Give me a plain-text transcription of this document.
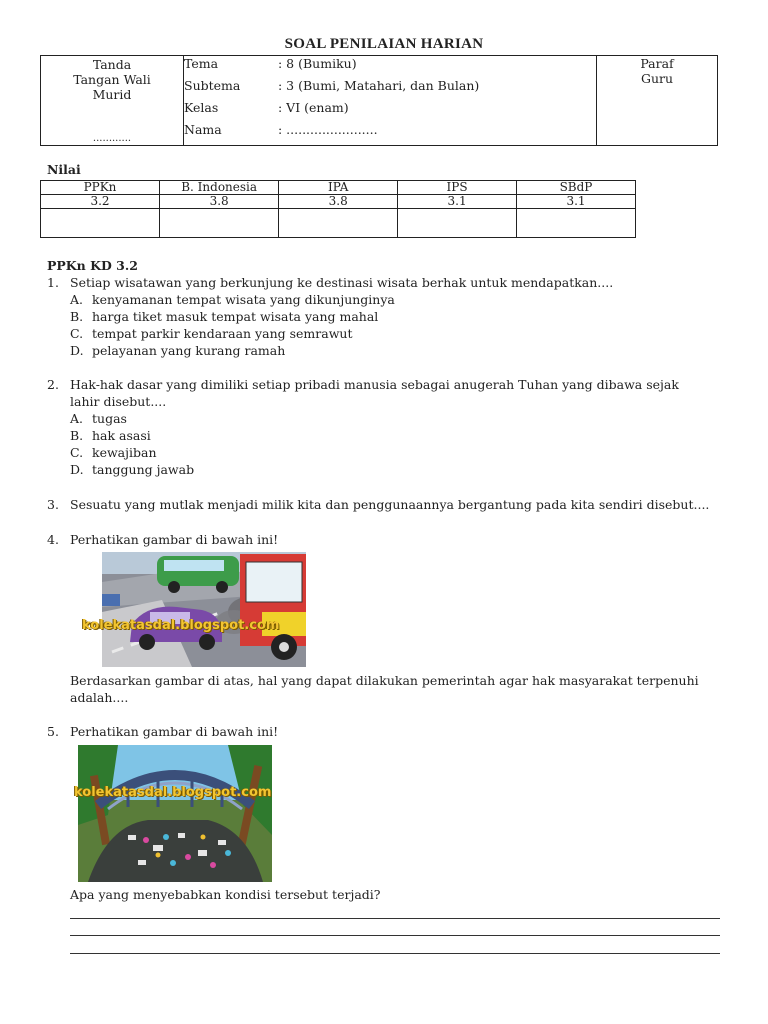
SOAL PENILAIAN HARIAN
Tanda
Tangan Wali
Murid
............

Tema	: 8 (Bumiku)
Subtema	: 3 (Bumi, Matahari, dan Bulan)
Kelas	: VI (enam)
Nama	: .......................

Paraf
Guru
Nilai
PPKn	B. Indonesia	IPA	IPS	SBdP
3.2	3.8	3.8	3.1	3.1

PPKn KD 3.2
1. Setiap wisatawan yang berkunjung ke destinasi wisata berhak untuk mendapatkan....
A. kenyamanan tempat wisata yang dikunjunginya
B. harga tiket masuk tempat wisata yang mahal
C. tempat parkir kendaraan yang semrawut
D. pelayanan yang kurang ramah
2. Hak-hak dasar yang dimiliki setiap pribadi manusia sebagai anugerah Tuhan yang dibawa sejak
lahir disebut....
A. tugas
B. hak asasi
C. kewajiban
D. tanggung jawab
3. Sesuatu yang mutlak menjadi milik kita dan penggunaannya bergantung pada kita sendiri disebut....
4. Perhatikan gambar di bawah ini!
kolekatasdal.blogspot.com
Berdasarkan gambar di atas, hal yang dapat dilakukan pemerintah agar hak masyarakat terpenuhi
adalah....
5. Perhatikan gambar di bawah ini!
kolekatasdal.blogspot.com
Apa yang menyebabkan kondisi tersebut terjadi?
